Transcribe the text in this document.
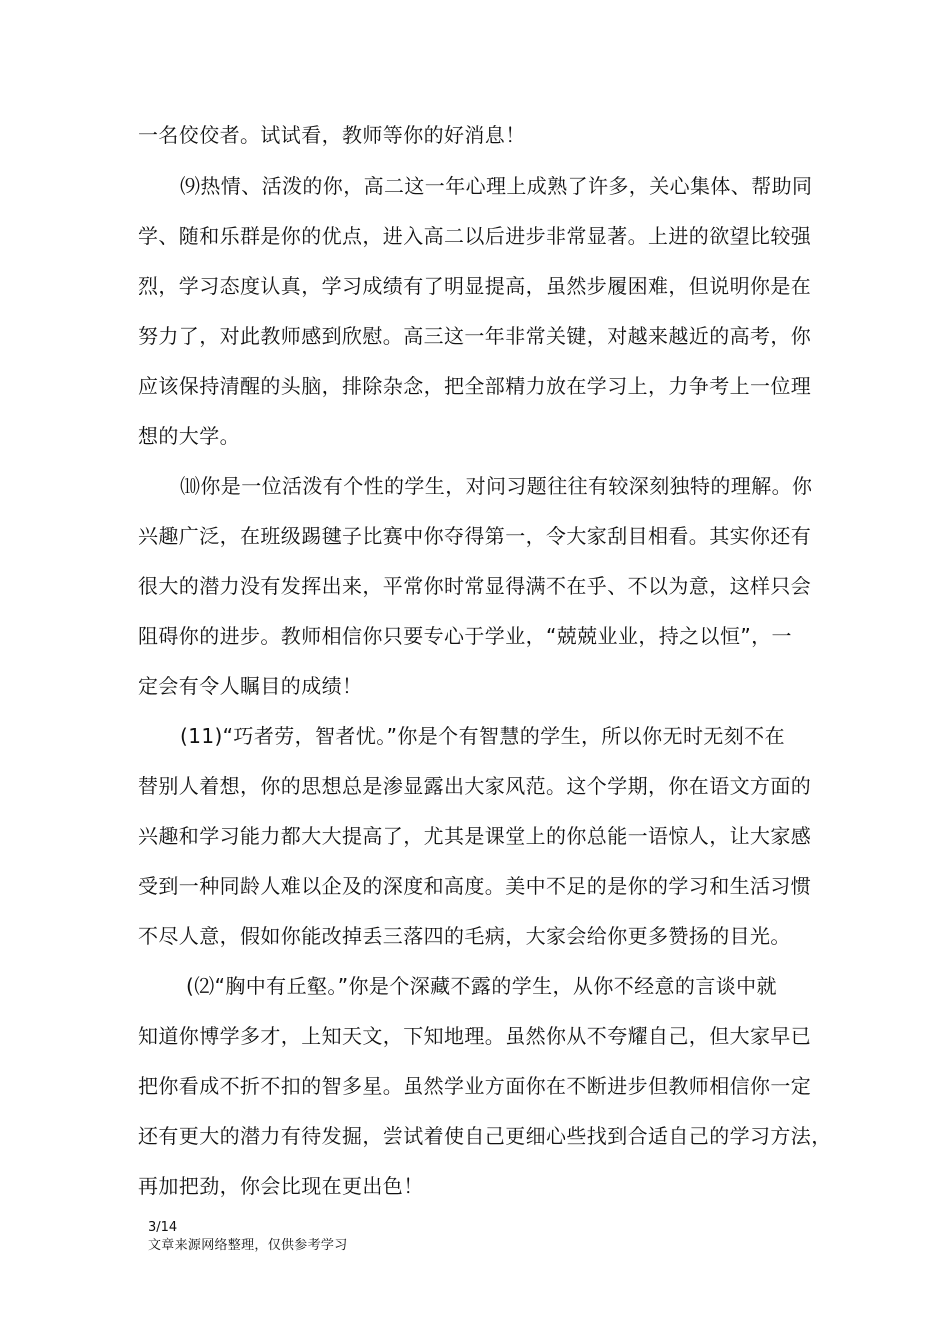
一名佼佼者。试试看，教师等你的好消息！
⑼热情、活泼的你，高二这一年心理上成熟了许多，关心集体、帮助同
学、随和乐群是你的优点，进入高二以后进步非常显著。上进的欲望比较强
烈，学习态度认真，学习成绩有了明显提高，虽然步履困难，但说明你是在
努力了，对此教师感到欣慰。高三这一年非常关键，对越来越近的高考，你
应该保持清醒的头脑，排除杂念，把全部精力放在学习上，力争考上一位理
想的大学。
⑽你是一位活泼有个性的学生，对问习题往往有较深刻独特的理解。你
兴趣广泛，在班级踢毽子比赛中你夺得第一，令大家刮目相看。其实你还有
很大的潜力没有发挥出来，平常你时常显得满不在乎、不以为意，这样只会
阻碍你的进步。教师相信你只要专心于学业，“兢兢业业，持之以恒”，一
定会有令人瞩目的成绩！
(11)“巧者劳，智者忧。”你是个有智慧的学生，所以你无时无刻不在
替别人着想，你的思想总是渗显露出大家风范。这个学期，你在语文方面的
兴趣和学习能力都大大提高了，尤其是课堂上的你总能一语惊人，让大家感
受到一种同龄人难以企及的深度和高度。美中不足的是你的学习和生活习惯
不尽人意，假如你能改掉丢三落四的毛病，大家会给你更多赞扬的目光。
(⑵“胸中有丘壑。”你是个深藏不露的学生，从你不经意的言谈中就
知道你博学多才，上知天文，下知地理。虽然你从不夸耀自己，但大家早已
把你看成不折不扣的智多星。虽然学业方面你在不断进步但教师相信你一定
还有更大的潜力有待发掘，尝试着使自己更细心些找到合适自己的学习方法，
再加把劲，你会比现在更出色！
3/14
文章来源网络整理，仅供参考学习
